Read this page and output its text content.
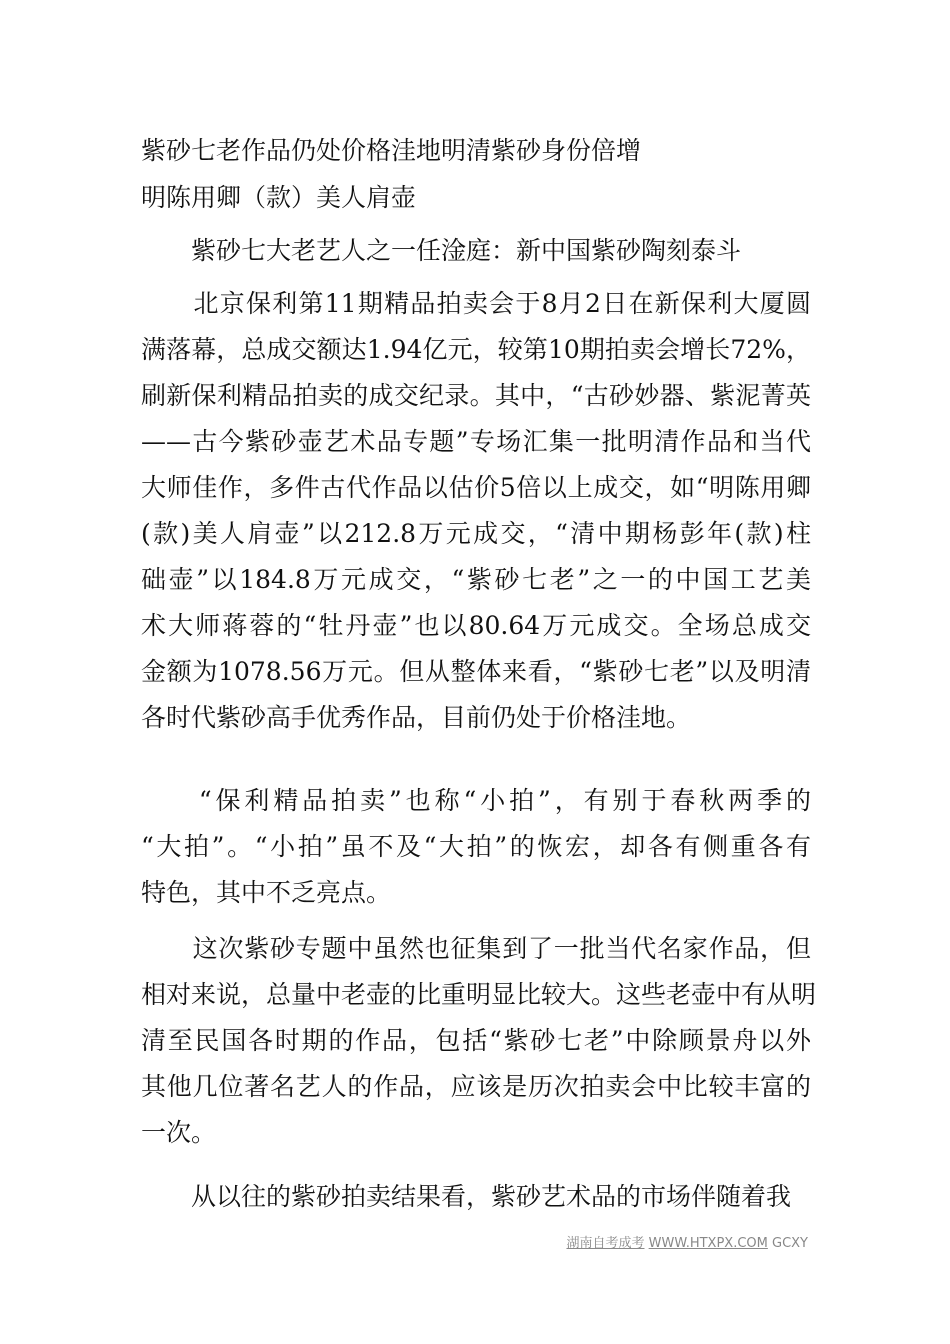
紫砂七老作品仍处价格洼地明清紫砂身份倍增
明陈用卿（款）美人肩壶
紫砂七大老艺人之一任淦庭：新中国紫砂陶刻泰斗
　　北京保利第11期精品拍卖会于8月2日在新保利大厦圆
满落幕，总成交额达1.94亿元，较第10期拍卖会增长72%，
刷新保利精品拍卖的成交纪录。其中，“古砂妙器、紫泥菁英
——古今紫砂壶艺术品专题”专场汇集一批明清作品和当代
大师佳作，多件古代作品以估价5倍以上成交，如“明陈用卿
(款)美人肩壶”以212.8万元成交，“清中期杨彭年(款)柱
础壶”以184.8万元成交，“紫砂七老”之一的中国工艺美
术大师蒋蓉的“牡丹壶”也以80.64万元成交。全场总成交
金额为1078.56万元。但从整体来看，“紫砂七老”以及明清
各时代紫砂高手优秀作品，目前仍处于价格洼地。
　　“保利精品拍卖”也称“小拍”，有别于春秋两季的
“大拍”。“小拍”虽不及“大拍”的恢宏，却各有侧重各有
特色，其中不乏亮点。
　　这次紫砂专题中虽然也征集到了一批当代名家作品，但
相对来说，总量中老壶的比重明显比较大。这些老壶中有从明
清至民国各时期的作品，包括“紫砂七老”中除顾景舟以外
其他几位著名艺人的作品，应该是历次拍卖会中比较丰富的
一次。
　　从以往的紫砂拍卖结果看，紫砂艺术品的市场伴随着我
湖南自考成考 WWW.HTXPX.COM GCXY
